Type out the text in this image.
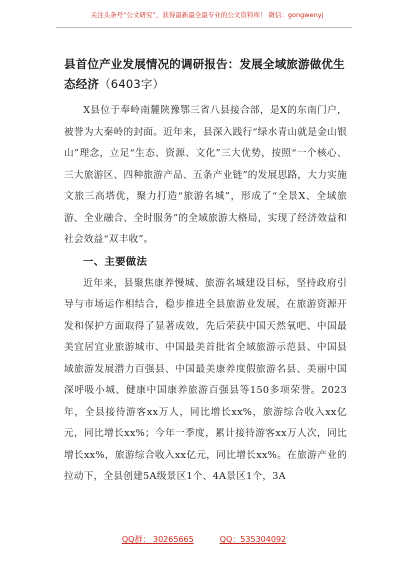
关注头条号“公文研究”，获得最新最全最专业的公文资料库！ 微信：gongwenyj
县首位产业发展情况的调研报告：发展全域旅游做优生态经济（6403字）

X县位于奉岭南麓陕豫鄂三省八县接合部，是X的东南门户，被誉为大秦岭的封面。近年来，县深入践行“绿水青山就是金山银山”理念，立足“生态、资源、文化”三大优势，按照“一个核心、三大旅游区、四种旅游产品、五条产业链”的发展思路，大力实施文旅三高塔优，聚力打造“旅游名城”，形成了“全景X、全域旅游、全业融合、全时服务”的全域旅游大格局，实现了经济效益和社会效益“双丰收”。

一、主要做法

近年来，县聚焦康养慢城、旅游名城建设目标，坚持政府引导与市场运作相结合，稳步推进全县旅游业发展，在旅游资源开发和保护方面取得了显著成效，先后荣获中国天然氧吧、中国最美宜居宜业旅游城市、中国最美首批省全域旅游示范县、中国县域旅游发展潜力百强县、中国最美康养度假旅游名县、美丽中国深呼吸小城、健康中国康养旅游百强县等150多项荣誉。2023年，全县接待游客xx万人，同比增长xx%，旅游综合收入xx亿元，同比增长xx%；今年一季度，累计接待游客xx万人次，同比增长xx%，旅游综合收入xx亿元，同比增长xx%。在旅游产业的拉动下，全县创建5A级景区1个、4A景区1个，3A

QQ群： 30265665	QQ：535304092
